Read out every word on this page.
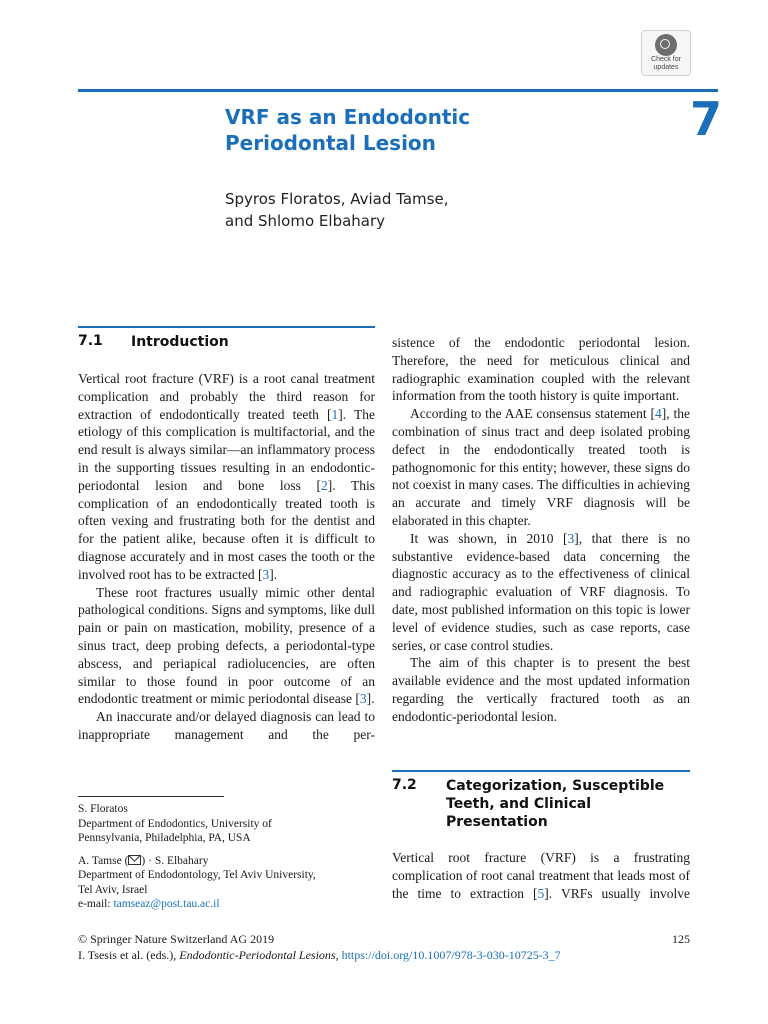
Check for
updates
VRF as an Endodontic
Periodontal Lesion	7
Spyros Floratos, Aviad Tamse,
and Shlomo Elbahary
7.1 Introduction

Vertical root fracture (VRF) is a root canal treatment complication and probably the third reason for extraction of endodontically treated teeth [1]. The etiology of this complication is multifactorial, and the end result is always similar—an inflammatory process in the supporting tissues resulting in an endodontic-periodontal lesion and bone loss [2]. This complication of an endodontically treated tooth is often vexing and frustrating both for the dentist and for the patient alike, because often it is difficult to diagnose accurately and in most cases the tooth or the involved root has to be extracted [3].

These root fractures usually mimic other dental pathological conditions. Signs and symptoms, like dull pain or pain on mastication, mobility, presence of a sinus tract, deep probing defects, a periodontal-type abscess, and periapical radiolucencies, are often similar to those found in poor outcome of an endodontic treatment or mimic periodontal disease [3].

An inaccurate and/or delayed diagnosis can lead to inappropriate management and the per-

sistence of the endodontic periodontal lesion. Therefore, the need for meticulous clinical and radiographic examination coupled with the relevant information from the tooth history is quite important.

According to the AAE consensus statement [4], the combination of sinus tract and deep isolated probing defect in the endodontically treated tooth is pathognomonic for this entity; however, these signs do not coexist in many cases. The difficulties in achieving an accurate and timely VRF diagnosis will be elaborated in this chapter.

It was shown, in 2010 [3], that there is no substantive evidence-based data concerning the diagnostic accuracy as to the effectiveness of clinical and radiographic evaluation of VRF diagnosis. To date, most published information on this topic is lower level of evidence studies, such as case reports, case series, or case control studies.

The aim of this chapter is to present the best available evidence and the most updated information regarding the vertically fractured tooth as an endodontic-periodontal lesion.

7.2 Categorization, Susceptible
Teeth, and Clinical
Presentation

Vertical root fracture (VRF) is a frustrating complication of root canal treatment that leads most of the time to extraction [5]. VRFs usually involve

S. Floratos
Department of Endodontics, University of
Pennsylvania, Philadelphia, PA, USA
A. Tamse ( ) · S. Elbahary
Department of Endodontology, Tel Aviv University,
Tel Aviv, Israel
e-mail: tamseaz@post.tau.ac.il
© Springer Nature Switzerland AG 2019	125
I. Tsesis et al. (eds.), Endodontic-Periodontal Lesions, https://doi.org/10.1007/978-3-030-10725-3_7
